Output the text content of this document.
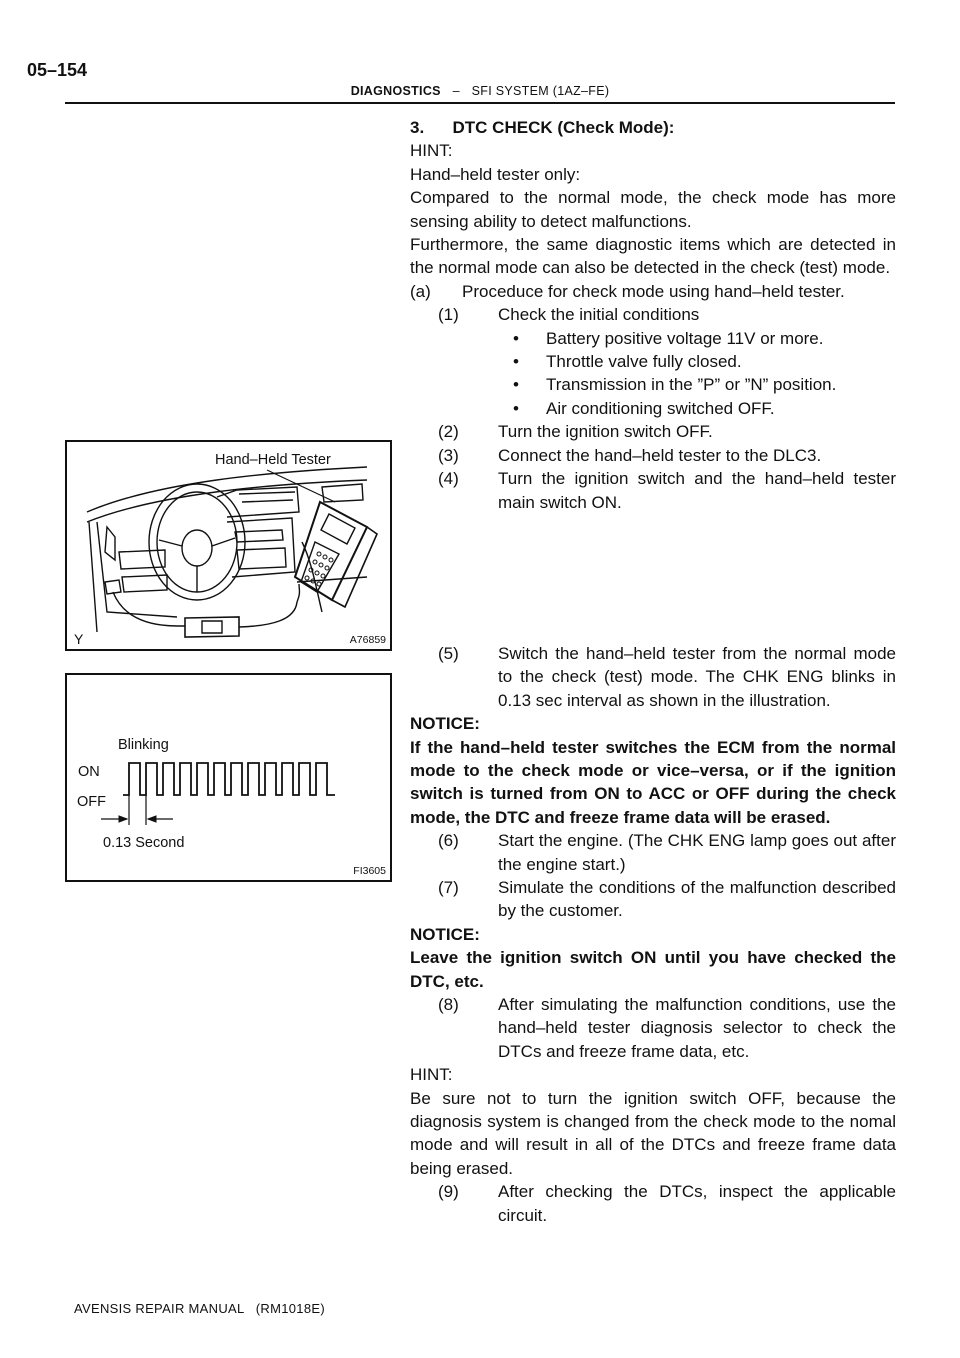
05–154
DIAGNOSTICS – SFI SYSTEM (1AZ–FE)
Hand–Held Tester
Y	A76859
Blinking
ON
OFF
0.13 Second
FI3605

3.      DTC CHECK (Check Mode):

HINT:

Hand–held tester only:

Compared to the normal mode, the check mode has more sensing ability to detect malfunctions.

Furthermore, the same diagnostic items which are detected in the normal mode can also be detected in the check (test) mode.

(a) Proceduce for check mode using hand–held tester.
(1) Check the initial conditions
• Battery positive voltage 11V or more.
• Throttle valve fully closed.
• Transmission in the ”P” or ”N” position.
• Air conditioning switched OFF.
(2) Turn the ignition switch OFF.
(3) Connect the hand–held tester to the DLC3.
(4) Turn the ignition switch and the hand–held tester main switch ON.
(5) Switch the hand–held tester from the normal mode to the check (test) mode. The CHK ENG blinks in 0.13 sec interval as shown in the illustration.

NOTICE:

If the hand–held tester switches the ECM from the normal mode to the check mode or vice–versa, or if the ignition switch is turned from ON to ACC or OFF during the check mode, the DTC and freeze frame data will be erased.

(6) Start the engine. (The CHK ENG lamp goes out after the engine start.)
(7) Simulate the conditions of the malfunction described by the customer.

NOTICE:

Leave the ignition switch ON until you have checked the DTC, etc.

(8) After simulating the malfunction conditions, use the hand–held tester diagnosis selector to check the DTCs and freeze frame data, etc.

HINT:

Be sure not to turn the ignition switch OFF, because the diagnosis system is changed from the check mode to the nomal mode and will result in all of the DTCs and freeze frame data being erased.

(9) After checking the DTCs, inspect the applicable circuit.
AVENSIS REPAIR MANUAL   (RM1018E)
